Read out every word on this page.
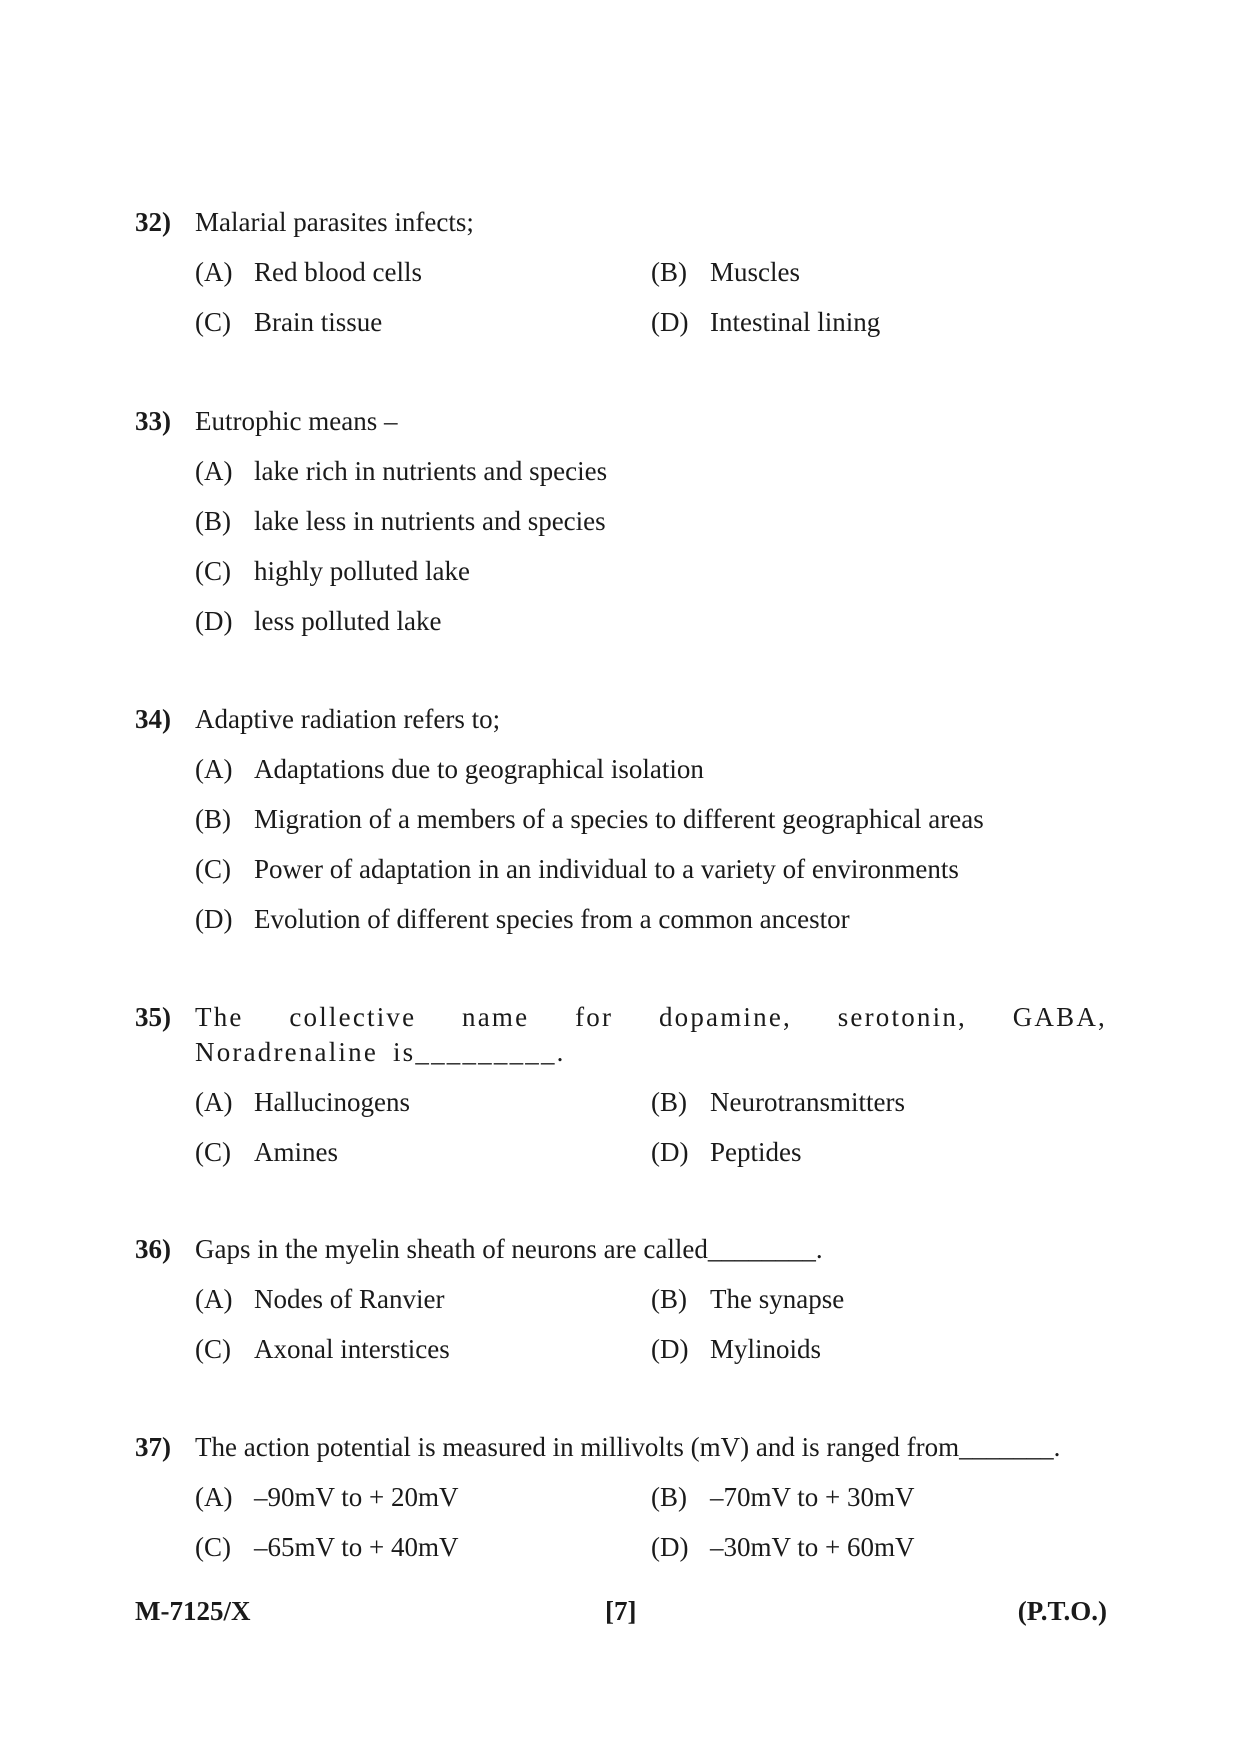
32) Malarial parasites infects;
(A) Red blood cells	(B) Muscles
(C) Brain tissue	(D) Intestinal lining
33) Eutrophic means –
(A) lake rich in nutrients and species
(B) lake less in nutrients and species
(C) highly polluted lake
(D) less polluted lake
34) Adaptive radiation refers to;
(A) Adaptations due to geographical isolation
(B) Migration of a members of a species to different geographical areas
(C) Power of adaptation in an individual to a variety of environments
(D) Evolution of different species from a common ancestor
35) The collective name for dopamine, serotonin, GABA, Noradrenaline is_________.
(A) Hallucinogens	(B) Neurotransmitters
(C) Amines	(D) Peptides
36) Gaps in the myelin sheath of neurons are called________.
(A) Nodes of Ranvier	(B) The synapse
(C) Axonal interstices	(D) Mylinoids
37) The action potential is measured in millivolts (mV) and is ranged from_______.
(A) –90mV to + 20mV	(B) –70mV to + 30mV
(C) –65mV to + 40mV	(D) –30mV to + 60mV
M-7125/X	[7]	(P.T.O.)
